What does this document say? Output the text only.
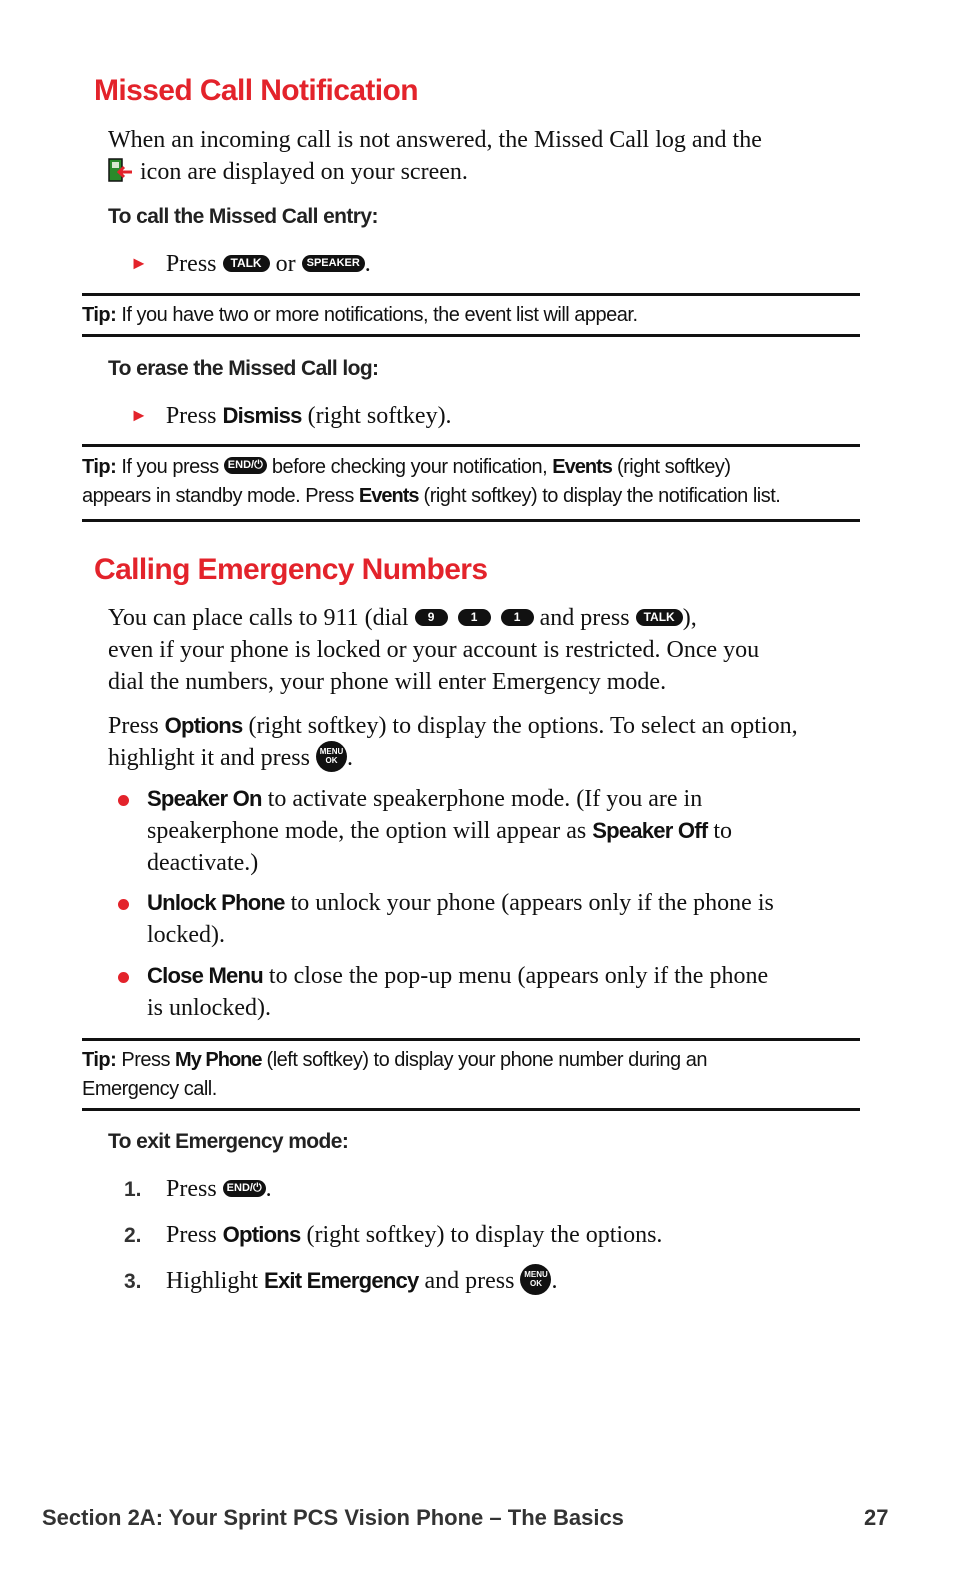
Missed Call Notification
When an incoming call is not answered, the Missed Call log and the
icon are displayed on your screen.
To call the Missed Call entry:
► Press TALK or SPEAKER .
Tip: If you have two or more notifications, the event list will appear.
To erase the Missed Call log:
► Press Dismiss (right softkey).
Tip: If you press END/⏻ before checking your notification, Events (right softkey)
appears in standby mode. Press Events (right softkey) to display the notification list.
Calling Emergency Numbers
You can place calls to 911 (dial 9	1	1 and press TALK ),
even if your phone is locked or your account is restricted. Once you
dial the numbers, your phone will enter Emergency mode.
Press Options (right softkey) to display the options. To select an option,
highlight it and press MENU
OK .
Speaker On to activate speakerphone mode. (If you are in
speakerphone mode, the option will appear as Speaker Off to
deactivate.)
Unlock Phone to unlock your phone (appears only if the phone is
locked).
Close Menu to close the pop-up menu (appears only if the phone
is unlocked).
Tip: Press My Phone (left softkey) to display your phone number during an
Emergency call.
To exit Emergency mode:
1. Press END/⏻ .
2. Press Options (right softkey) to display the options.
3. Highlight Exit Emergency and press MENU
OK .
Section 2A: Your Sprint PCS Vision Phone – The Basics	27
